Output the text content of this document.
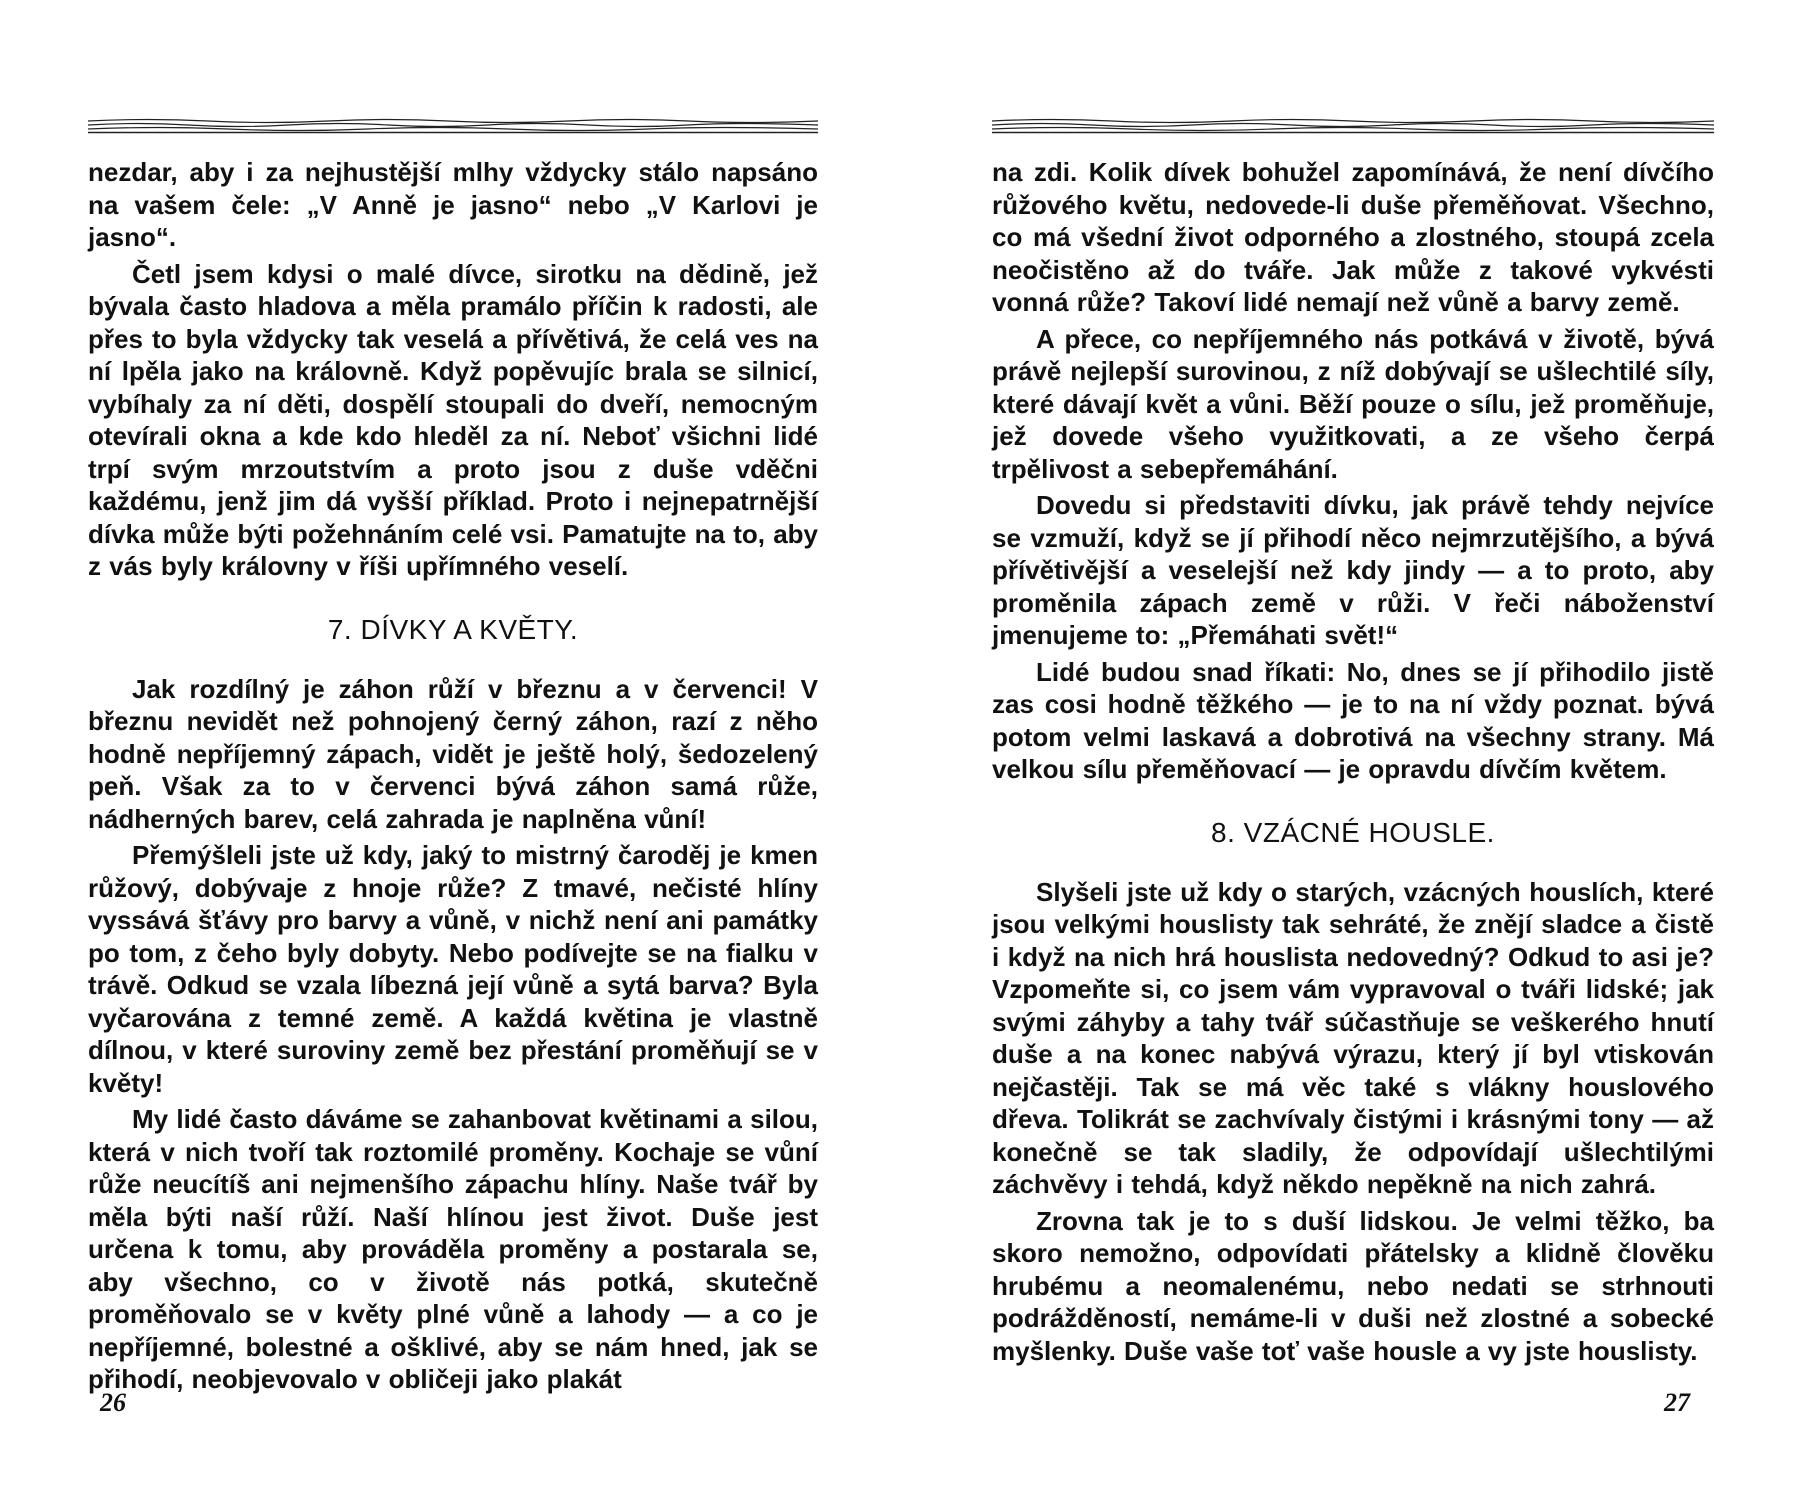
nezdar, aby i za nejhustější mlhy vždycky stálo napsáno na vašem čele: „V Anně je jasno“ nebo „V Karlovi je jasno“.

Četl jsem kdysi o malé dívce, sirotku na dědině, jež bývala často hladova a měla pramálo příčin k radosti, ale přes to byla vždycky tak veselá a přívětivá, že celá ves na ní lpěla jako na královně. Když popěvujíc brala se silnicí, vybíhaly za ní děti, dospělí stoupali do dveří, nemocným otevírali okna a kde kdo hleděl za ní. Neboť všichni lidé trpí svým mrzoutstvím a proto jsou z duše vděčni každému, jenž jim dá vyšší příklad. Proto i nejnepatrnější dívka může býti požehnáním celé vsi. Pamatujte na to, aby z vás byly královny v říši upřímného veselí.

7. DÍVKY A KVĚTY.

Jak rozdílný je záhon růží v březnu a v červenci! V březnu nevidět než pohnojený černý záhon, razí z něho hodně nepříjemný zápach, vidět je ještě holý, šedozelený peň. Však za to v červenci bývá záhon samá růže, nádherných barev, celá zahrada je naplněna vůní!

Přemýšleli jste už kdy, jaký to mistrný čaroděj je kmen růžový, dobývaje z hnoje růže? Z tmavé, nečisté hlíny vyssává šťávy pro barvy a vůně, v nichž není ani památky po tom, z čeho byly dobyty. Nebo podívejte se na fialku v trávě. Odkud se vzala líbezná její vůně a sytá barva? Byla vyčarována z temné země. A každá květina je vlastně dílnou, v které suroviny země bez přestání proměňují se v květy!

My lidé často dáváme se zahanbovat květinami a silou, která v nich tvoří tak roztomilé proměny. Kochaje se vůní růže neucítíš ani nejmenšího zápachu hlíny. Naše tvář by měla býti naší růží. Naší hlínou jest život. Duše jest určena k tomu, aby prováděla proměny a postarala se, aby všechno, co v životě nás potká, skutečně proměňovalo se v květy plné vůně a lahody — a co je nepříjemné, bolestné a ošklivé, aby se nám hned, jak se přihodí, neobjevovalo v obličeji jako plakát

26

na zdi. Kolik dívek bohužel zapomínává, že není dívčího růžového květu, nedovede-li duše přeměňovat. Všechno, co má všední život odporného a zlostného, stoupá zcela neočistěno až do tváře. Jak může z takové vykvésti vonná růže? Takoví lidé nemají než vůně a barvy země.

A přece, co nepříjemného nás potkává v životě, bývá právě nejlepší surovinou, z níž dobývají se ušlechtilé síly, které dávají květ a vůni. Běží pouze o sílu, jež proměňuje, jež dovede všeho využitkovati, a ze všeho čerpá trpělivost a sebepřemáhání.

Dovedu si představiti dívku, jak právě tehdy nejvíce se vzmuží, když se jí přihodí něco nejmrzutějšího, a bývá přívětivější a veselejší než kdy jindy — a to proto, aby proměnila zápach země v růži. V řeči náboženství jmenujeme to: „Přemáhati svět!“

Lidé budou snad říkati: No, dnes se jí přihodilo jistě zas cosi hodně těžkého — je to na ní vždy poznat. bývá potom velmi laskavá a dobrotivá na všechny strany. Má velkou sílu přeměňovací — je opravdu dívčím květem.

8. VZÁCNÉ HOUSLE.

Slyšeli jste už kdy o starých, vzácných houslích, které jsou velkými houslisty tak sehráté, že znějí sladce a čistě i když na nich hrá houslista nedovedný? Odkud to asi je? Vzpomeňte si, co jsem vám vypravoval o tváři lidské; jak svými záhyby a tahy tvář súčastňuje se veškerého hnutí duše a na konec nabývá výrazu, který jí byl vtiskován nejčastěji. Tak se má věc také s vlákny houslového dřeva. Tolikrát se zachvívaly čistými i krásnými tony — až konečně se tak sladily, že odpovídají ušlechtilými záchvěvy i tehdá, když někdo nepěkně na nich zahrá.

Zrovna tak je to s duší lidskou. Je velmi těžko, ba skoro nemožno, odpovídati přátelsky a klidně člověku hrubému a neomalenému, nebo nedati se strhnouti podrážděností, nemáme-li v duši než zlostné a sobecké myšlenky. Duše vaše toť vaše housle a vy jste houslisty.

27
